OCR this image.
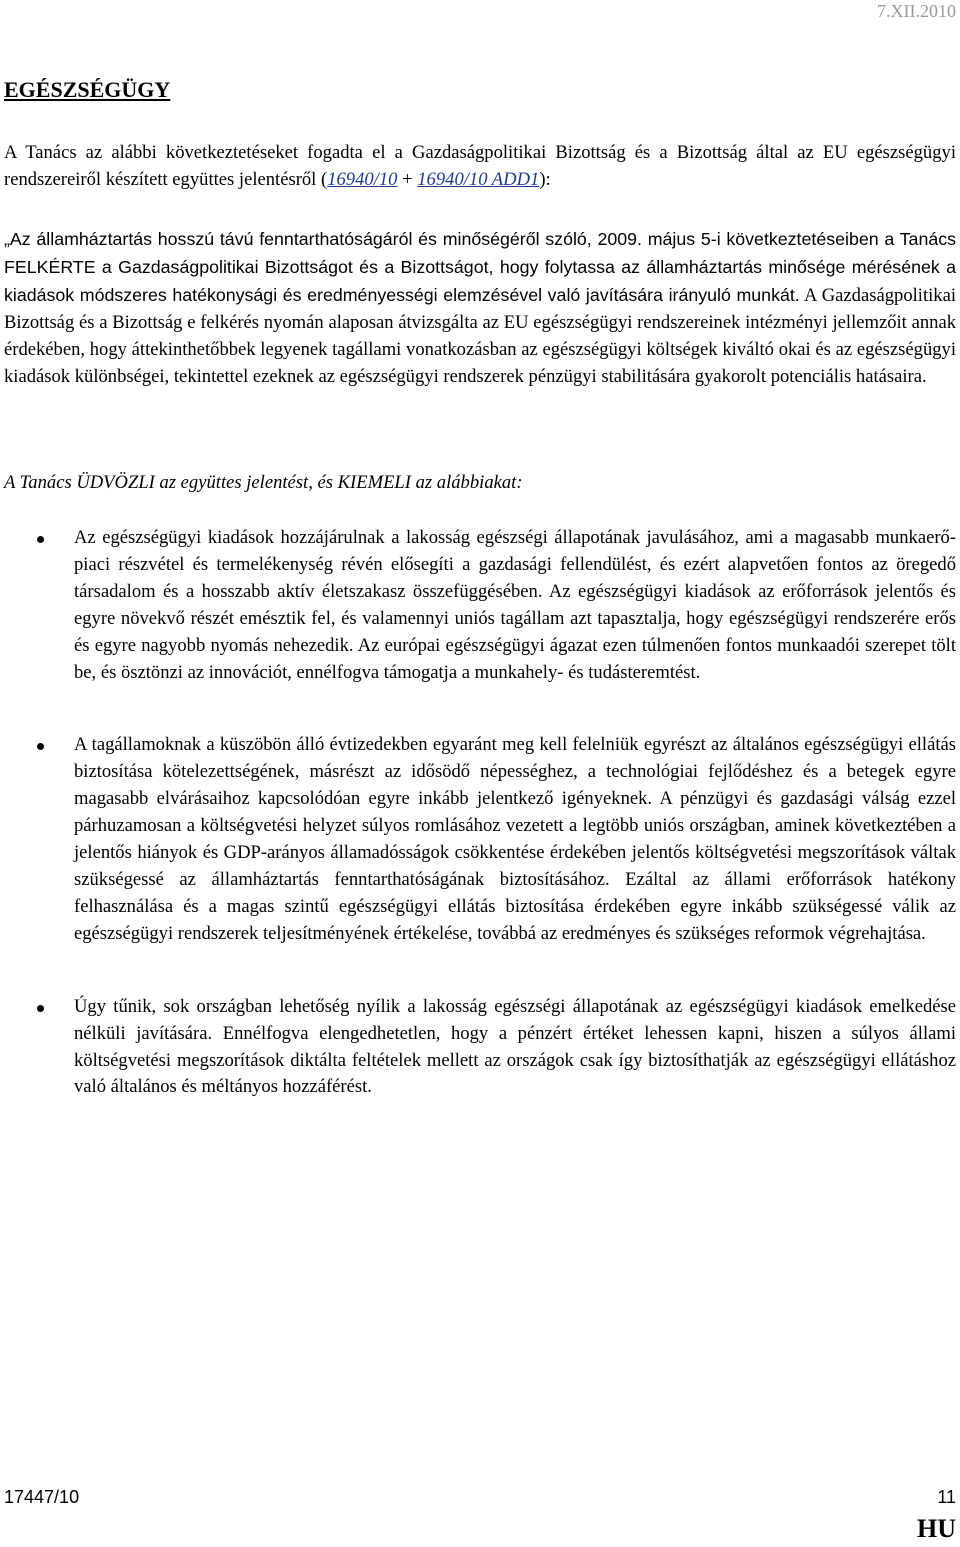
7.XII.2010
EGÉSZSÉGÜGY
A Tanács az alábbi következtetéseket fogadta el a Gazdaságpolitikai Bizottság és a Bizottság által az EU egészségügyi rendszereiről készített együttes jelentésről (16940/10 + 16940/10 ADD1):
„Az államháztartás hosszú távú fenntarthatóságáról és minőségéről szóló, 2009. május 5-i következtetéseiben a Tanács FELKÉRTE a Gazdaságpolitikai Bizottságot és a Bizottságot, hogy folytassa az államháztartás minősége mérésének a kiadások módszeres hatékonysági és eredményességi elemzésével való javítására irányuló munkát. A Gazdaságpolitikai Bizottság és a Bizottság e felkérés nyomán alaposan átvizsgálta az EU egészségügyi rendszereinek intézményi jellemzőit annak érdekében, hogy áttekinthetőbbek legyenek tagállami vonatkozásban az egészségügyi költségek kiváltó okai és az egészségügyi kiadások különbségei, tekintettel ezeknek az egészségügyi rendszerek pénzügyi stabilitására gyakorolt potenciális hatásaira.
A Tanács ÜDVÖZLI az együttes jelentést, és KIEMELI az alábbiakat:
Az egészségügyi kiadások hozzájárulnak a lakosság egészségi állapotának javulásához, ami a magasabb munkaerő-piaci részvétel és termelékenység révén elősegíti a gazdasági fellendülést, és ezért alapvetően fontos az öregedő társadalom és a hosszabb aktív életszakasz összefüggésében. Az egészségügyi kiadások az erőforrások jelentős és egyre növekvő részét emésztik fel, és valamennyi uniós tagállam azt tapasztalja, hogy egészségügyi rendszerére erős és egyre nagyobb nyomás nehezedik. Az európai egészségügyi ágazat ezen túlmenően fontos munkaadói szerepet tölt be, és ösztönzi az innovációt, ennélfogva támogatja a munkahely- és tudásteremtést.
A tagállamoknak a küszöbön álló évtizedekben egyaránt meg kell felelniük egyrészt az általános egészségügyi ellátás biztosítása kötelezettségének, másrészt az idősödő népességhez, a technológiai fejlődéshez és a betegek egyre magasabb elvárásaihoz kapcsolódóan egyre inkább jelentkező igényeknek. A pénzügyi és gazdasági válság ezzel párhuzamosan a költségvetési helyzet súlyos romlásához vezetett a legtöbb uniós országban, aminek következtében a jelentős hiányok és GDP-arányos államadósságok csökkentése érdekében jelentős költségvetési megszorítások váltak szükségessé az államháztartás fenntarthatóságának biztosításához. Ezáltal az állami erőforrások hatékony felhasználása és a magas szintű egészségügyi ellátás biztosítása érdekében egyre inkább szükségessé válik az egészségügyi rendszerek teljesítményének értékelése, továbbá az eredményes és szükséges reformok végrehajtása.
Úgy tűnik, sok országban lehetőség nyílik a lakosság egészségi állapotának az egészségügyi kiadások emelkedése nélküli javítására. Ennélfogva elengedhetetlen, hogy a pénzért értéket lehessen kapni, hiszen a súlyos állami költségvetési megszorítások diktálta feltételek mellett az országok csak így biztosíthatják az egészségügyi ellátáshoz való általános és méltányos hozzáférést.
17447/10	11
HU
